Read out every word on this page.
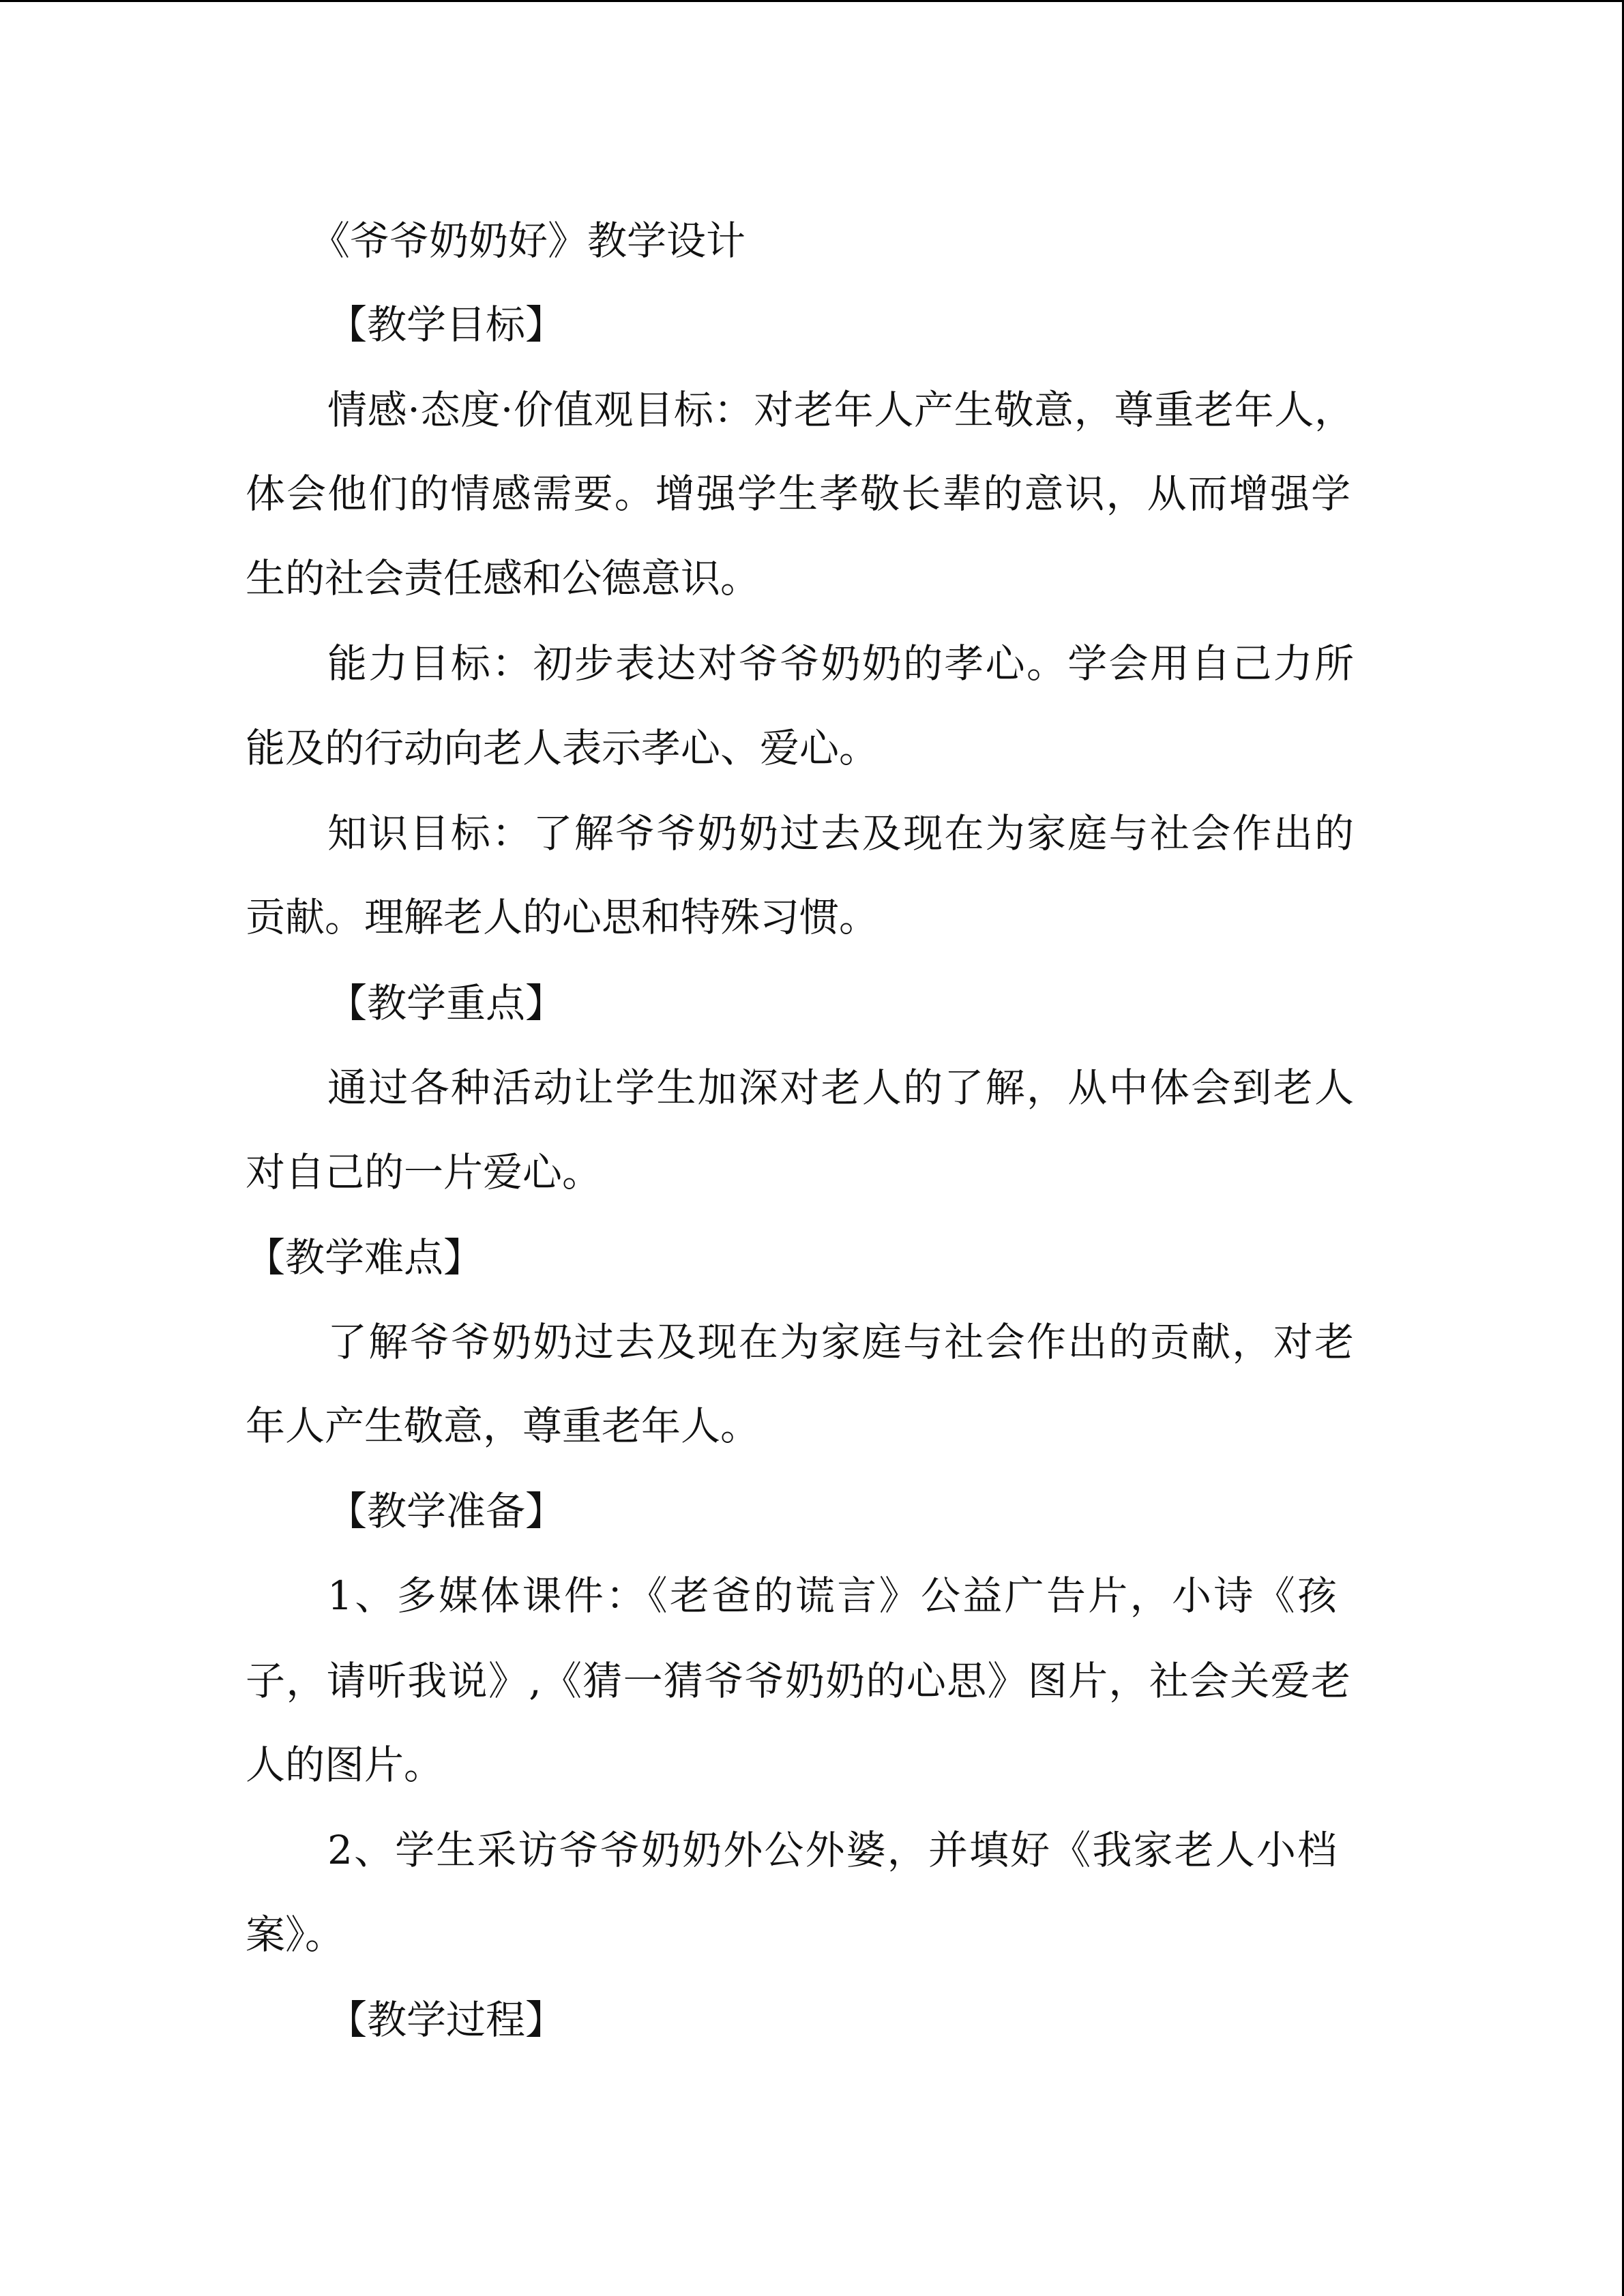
《爷爷奶奶好》教学设计
【教学目标】
情感·态度·价值观目标：对老年人产生敬意，尊重老年人，
体会他们的情感需要。增强学生孝敬长辈的意识，从而增强学
生的社会责任感和公德意识。
能力目标：初步表达对爷爷奶奶的孝心。学会用自己力所
能及的行动向老人表示孝心、爱心。
知识目标：了解爷爷奶奶过去及现在为家庭与社会作出的
贡献。理解老人的心思和特殊习惯。
【教学重点】
通过各种活动让学生加深对老人的了解，从中体会到老人
对自己的一片爱心。
【教学难点】
了解爷爷奶奶过去及现在为家庭与社会作出的贡献，对老
年人产生敬意，尊重老年人。
【教学准备】
1、多媒体课件：《老爸的谎言》公益广告片，小诗《孩
子，请听我说》,《猜一猜爷爷奶奶的心思》图片，社会关爱老
人的图片。
2、学生采访爷爷奶奶外公外婆，并填好《我家老人小档
案》。
【教学过程】
